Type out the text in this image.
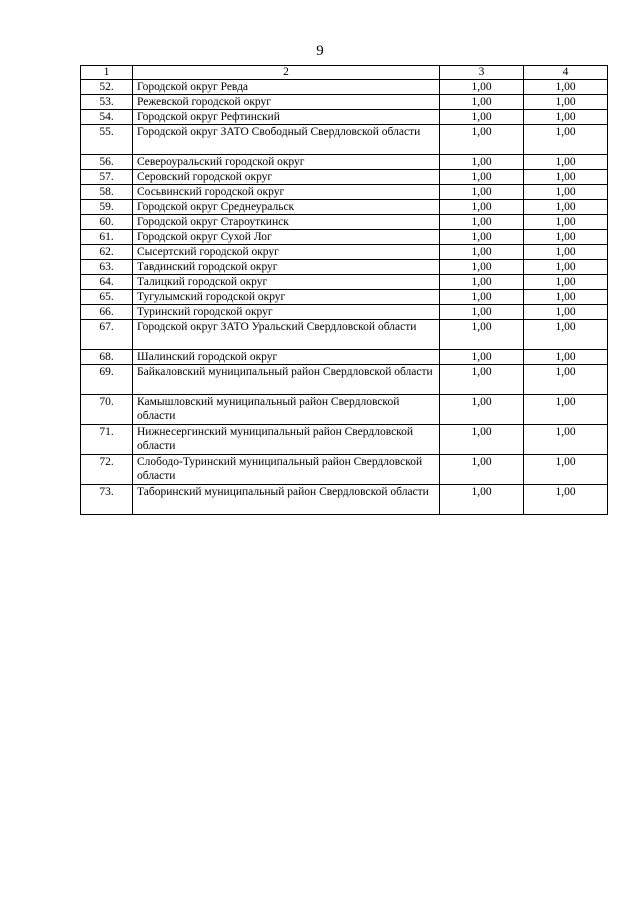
9
1	2	3	4
52.	Городской округ Ревда	1,00	1,00
53.	Режевской городской округ	1,00	1,00
54.	Городской округ Рефтинский	1,00	1,00
55.	Городской округ ЗАТО Свободный Свердловской области	1,00	1,00
56.	Североуральский городской округ	1,00	1,00
57.	Серовский городской округ	1,00	1,00
58.	Сосьвинский городской округ	1,00	1,00
59.	Городской округ Среднеуральск	1,00	1,00
60.	Городской округ Староуткинск	1,00	1,00
61.	Городской округ Сухой Лог	1,00	1,00
62.	Сысертский городской округ	1,00	1,00
63.	Тавдинский городской округ	1,00	1,00
64.	Талицкий городской округ	1,00	1,00
65.	Тугулымский городской округ	1,00	1,00
66.	Туринский городской округ	1,00	1,00
67.	Городской округ ЗАТО Уральский Свердловской области	1,00	1,00
68.	Шалинский городской округ	1,00	1,00
69.	Байкаловский муниципальный район Свердловской области	1,00	1,00
70.	Камышловский муниципальный район Свердловской области	1,00	1,00
71.	Нижнесергинский муниципальный район Свердловской области	1,00	1,00
72.	Слободо-Туринский муниципальный район Свердловской области	1,00	1,00
73.	Таборинский муниципальный район Свердловской области	1,00	1,00
